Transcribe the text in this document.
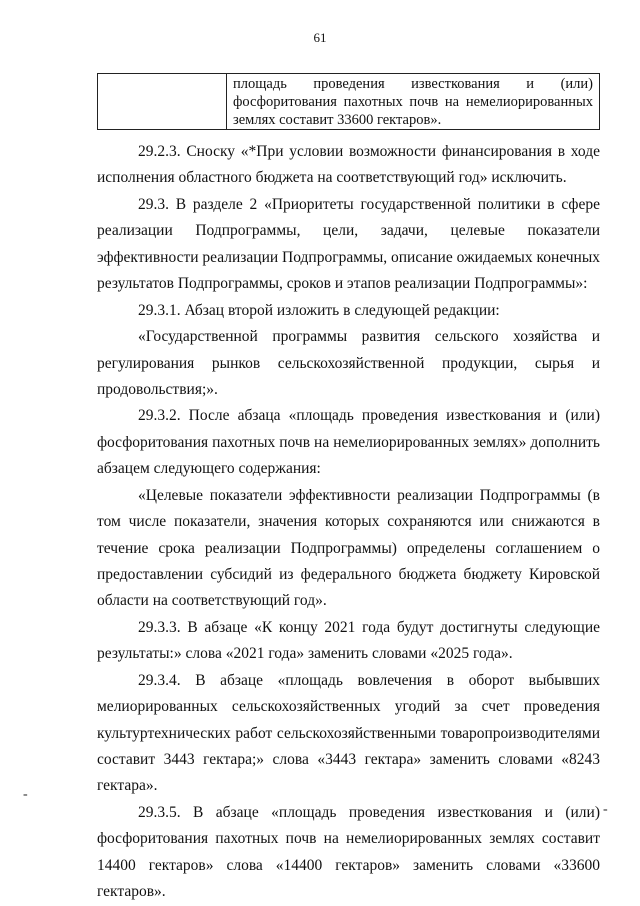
61
	площадь проведения известкования и (или) фосфоритования пахотных почв на немелиорированных землях составит 33600 гектаров».

29.2.3. Сноску «*При условии возможности финансирования в ходе исполнения областного бюджета на соответствующий год» исключить.

29.3. В разделе 2 «Приоритеты государственной политики в сфере реализации Подпрограммы, цели, задачи, целевые показатели эффективности реализации Подпрограммы, описание ожидаемых конечных результатов Подпрограммы, сроков и этапов реализации Подпрограммы»:

29.3.1. Абзац второй изложить в следующей редакции:

«Государственной программы развития сельского хозяйства и регулирования рынков сельскохозяйственной продукции, сырья и продовольствия;».

29.3.2. После абзаца «площадь проведения известкования и (или) фосфоритования пахотных почв на немелиорированных землях» дополнить абзацем следующего содержания:

«Целевые показатели эффективности реализации Подпрограммы (в том числе показатели, значения которых сохраняются или снижаются в течение срока реализации Подпрограммы) определены соглашением о предоставлении субсидий из федерального бюджета бюджету Кировской области на соответствующий год».

29.3.3. В абзаце «К концу 2021 года будут достигнуты следующие результаты:» слова «2021 года» заменить словами «2025 года».

29.3.4. В абзаце «площадь вовлечения в оборот выбывших мелиорированных сельскохозяйственных угодий за счет проведения культуртехнических работ сельскохозяйственными товаропроизводителями составит 3443 гектара;» слова «3443 гектара» заменить словами «8243 гектара».

29.3.5. В абзаце «площадь проведения известкования и (или) фосфоритования пахотных почв на немелиорированных землях составит 14400 гектаров» слова «14400 гектаров» заменить словами «33600 гектаров».

-
-
